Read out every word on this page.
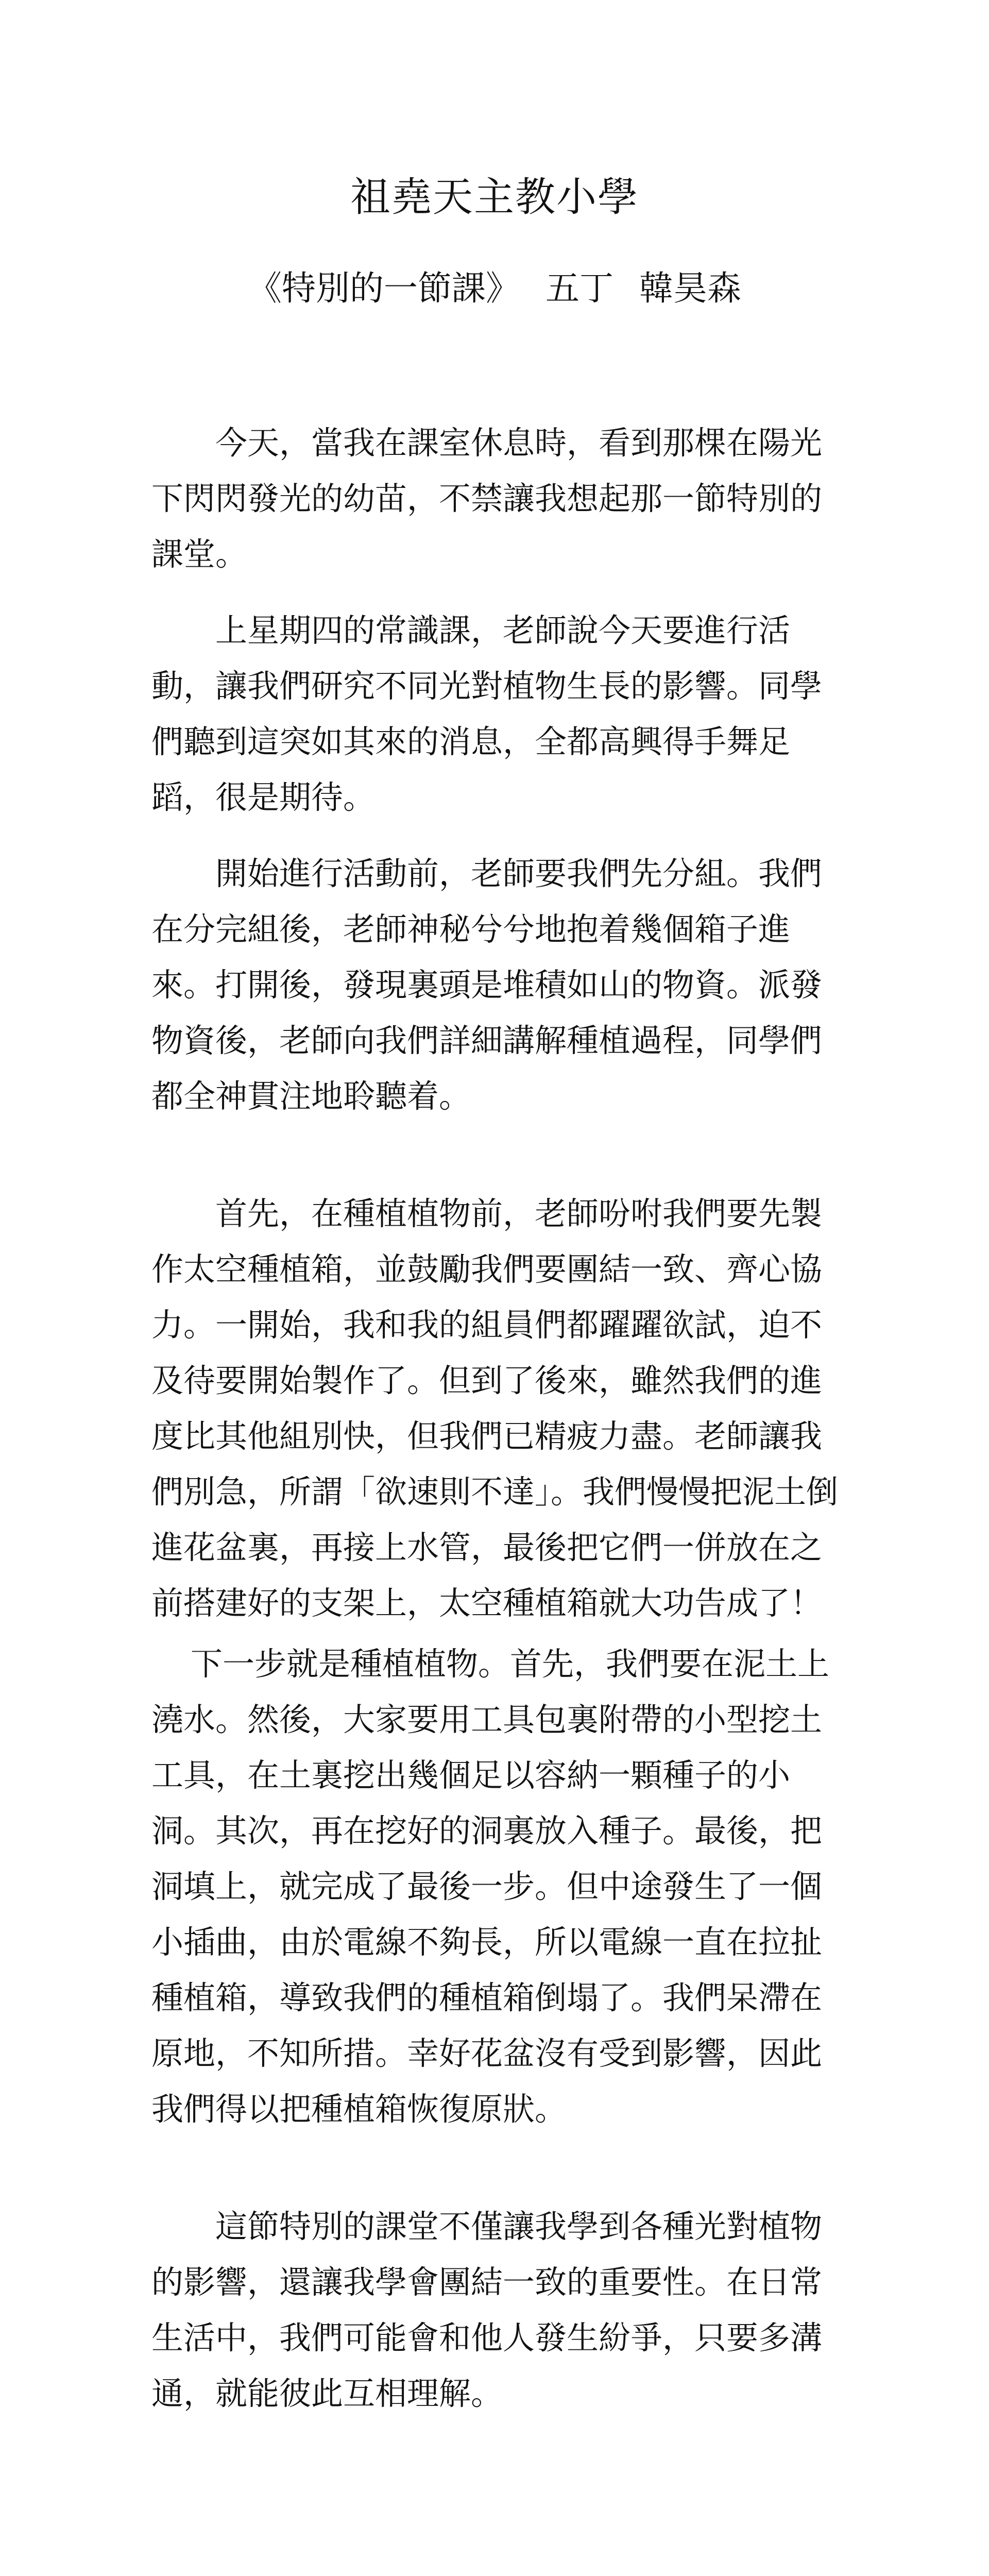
祖堯天主教小學
《特別的一節課》 五丁 韓昊森

今天，當我在課室休息時，看到那棵在陽光下閃閃發光的幼苗，不禁讓我想起那一節特別的課堂。

上星期四的常識課，老師說今天要進行活動，讓我們研究不同光對植物生長的影響。同學們聽到這突如其來的消息，全都高興得手舞足蹈，很是期待。

開始進行活動前，老師要我們先分組。我們在分完組後，老師神秘兮兮地抱着幾個箱子進來。打開後，發現裏頭是堆積如山的物資。派發物資後，老師向我們詳細講解種植過程，同學們都全神貫注地聆聽着。

首先，在種植植物前，老師吩咐我們要先製作太空種植箱，並鼓勵我們要團結一致、齊心協力。一開始，我和我的組員們都躍躍欲試，迫不及待要開始製作了。但到了後來，雖然我們的進度比其他組別快，但我們已精疲力盡。老師讓我們別急，所謂「欲速則不達」。我們慢慢把泥土倒進花盆裏，再接上水管，最後把它們一併放在之前搭建好的支架上，太空種植箱就大功告成了！

下一步就是種植植物。首先，我們要在泥土上澆水。然後，大家要用工具包裏附帶的小型挖土工具，在土裏挖出幾個足以容納一顆種子的小洞。其次，再在挖好的洞裏放入種子。最後，把洞填上，就完成了最後一步。但中途發生了一個小插曲，由於電線不夠長，所以電線一直在拉扯種植箱，導致我們的種植箱倒塌了。我們呆滯在原地，不知所措。幸好花盆沒有受到影響，因此我們得以把種植箱恢復原狀。

這節特別的課堂不僅讓我學到各種光對植物的影響，還讓我學會團結一致的重要性。在日常生活中，我們可能會和他人發生紛爭，只要多溝通，就能彼此互相理解。
